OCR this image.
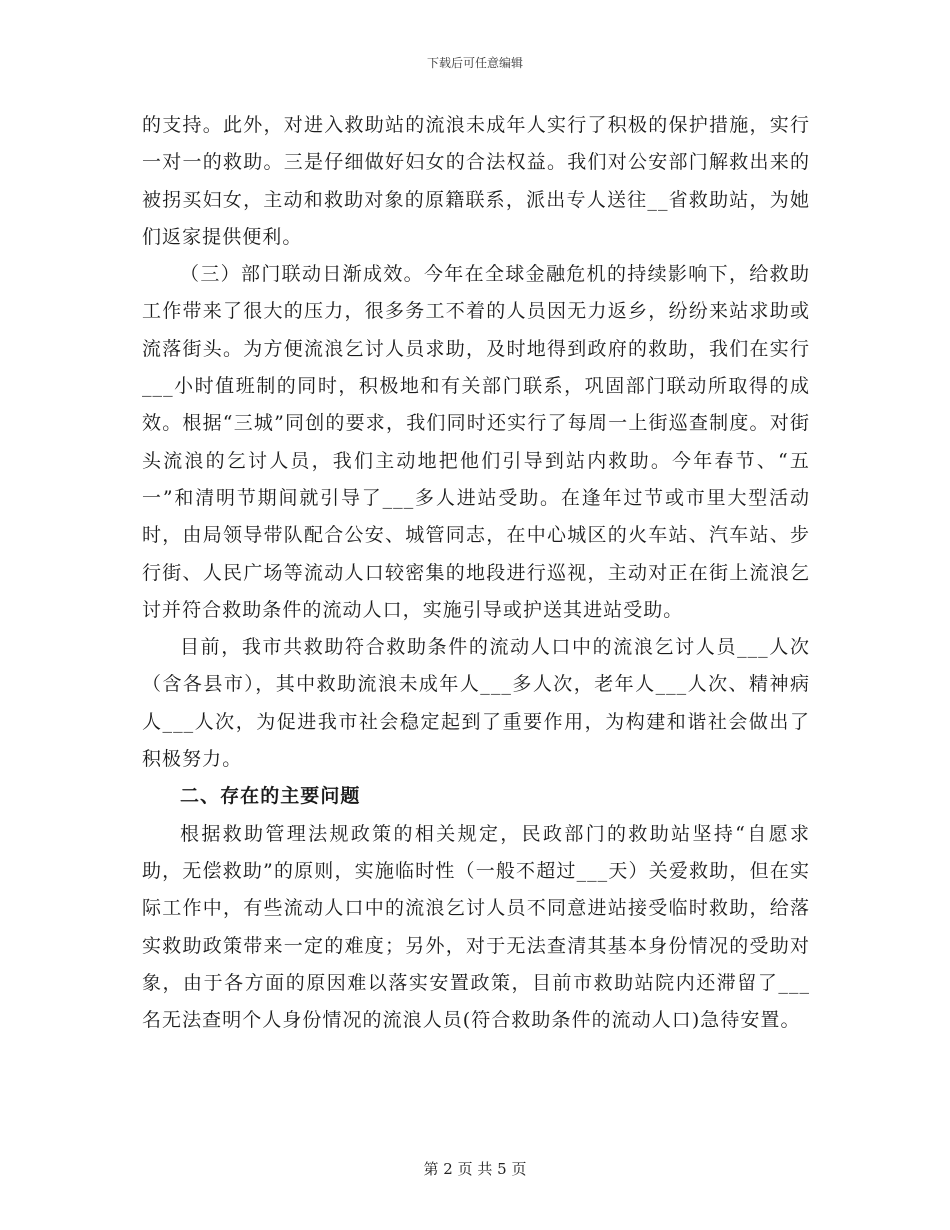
下载后可任意编辑

的支持。此外，对进入救助站的流浪未成年人实行了积极的保护措施，实行一对一的救助。三是仔细做好妇女的合法权益。我们对公安部门解救出来的被拐买妇女，主动和救助对象的原籍联系，派出专人送往__省救助站，为她们返家提供便利。

（三）部门联动日渐成效。今年在全球金融危机的持续影响下，给救助工作带来了很大的压力，很多务工不着的人员因无力返乡，纷纷来站求助或流落街头。为方便流浪乞讨人员求助，及时地得到政府的救助，我们在实行___小时值班制的同时，积极地和有关部门联系，巩固部门联动所取得的成效。根据“三城”同创的要求，我们同时还实行了每周一上街巡查制度。对街头流浪的乞讨人员，我们主动地把他们引导到站内救助。今年春节、“五一”和清明节期间就引导了___多人进站受助。在逢年过节或市里大型活动时，由局领导带队配合公安、城管同志，在中心城区的火车站、汽车站、步行街、人民广场等流动人口较密集的地段进行巡视，主动对正在街上流浪乞讨并符合救助条件的流动人口，实施引导或护送其进站受助。

目前，我市共救助符合救助条件的流动人口中的流浪乞讨人员___人次（含各县市），其中救助流浪未成年人___多人次，老年人___人次、精神病人___人次，为促进我市社会稳定起到了重要作用，为构建和谐社会做出了积极努力。

二、存在的主要问题

根据救助管理法规政策的相关规定，民政部门的救助站坚持“自愿求助，无偿救助”的原则，实施临时性（一般不超过___天）关爱救助，但在实际工作中，有些流动人口中的流浪乞讨人员不同意进站接受临时救助，给落实救助政策带来一定的难度；另外，对于无法查清其基本身份情况的受助对象，由于各方面的原因难以落实安置政策，目前市救助站院内还滞留了___名无法查明个人身份情况的流浪人员(符合救助条件的流动人口)急待安置。

第 2 页 共 5 页
